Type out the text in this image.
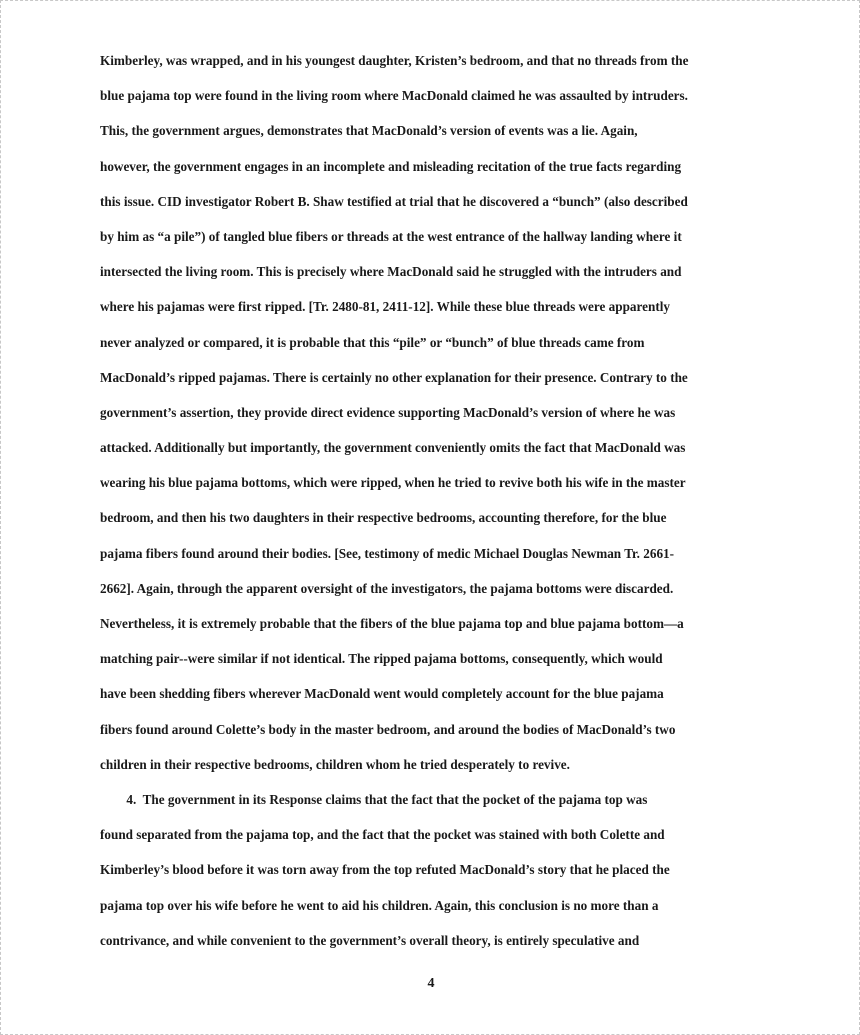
Kimberley, was wrapped, and in his youngest daughter, Kristen’s bedroom, and that no threads from the
blue pajama top were found in the living room where MacDonald claimed he was assaulted by intruders.
This, the government argues, demonstrates that MacDonald’s version of events was a lie. Again,
however, the government engages in an incomplete and misleading recitation of the true facts regarding
this issue. CID investigator Robert B. Shaw testified at trial that he discovered a “bunch” (also described
by him as “a pile”) of tangled blue fibers or threads at the west entrance of the hallway landing where it
intersected the living room. This is precisely where MacDonald said he struggled with the intruders and
where his pajamas were first ripped. [Tr. 2480-81, 2411-12]. While these blue threads were apparently
never analyzed or compared, it is probable that this “pile” or “bunch” of blue threads came from
MacDonald’s ripped pajamas. There is certainly no other explanation for their presence. Contrary to the
government’s assertion, they provide direct evidence supporting MacDonald’s version of where he was
attacked. Additionally but importantly, the government conveniently omits the fact that MacDonald was
wearing his blue pajama bottoms, which were ripped, when he tried to revive both his wife in the master
bedroom, and then his two daughters in their respective bedrooms, accounting therefore, for the blue
pajama fibers found around their bodies. [See, testimony of medic Michael Douglas Newman Tr. 2661-
2662]. Again, through the apparent oversight of the investigators, the pajama bottoms were discarded.
Nevertheless, it is extremely probable that the fibers of the blue pajama top and blue pajama bottom—a
matching pair--were similar if not identical. The ripped pajama bottoms, consequently, which would
have been shedding fibers wherever MacDonald went would completely account for the blue pajama
fibers found around Colette’s body in the master bedroom, and around the bodies of MacDonald’s two
children in their respective bedrooms, children whom he tried desperately to revive.
4.  The government in its Response claims that the fact that the pocket of the pajama top was
found separated from the pajama top, and the fact that the pocket was stained with both Colette and
Kimberley’s blood before it was torn away from the top refuted MacDonald’s story that he placed the
pajama top over his wife before he went to aid his children. Again, this conclusion is no more than a
contrivance, and while convenient to the government’s overall theory, is entirely speculative and
4
